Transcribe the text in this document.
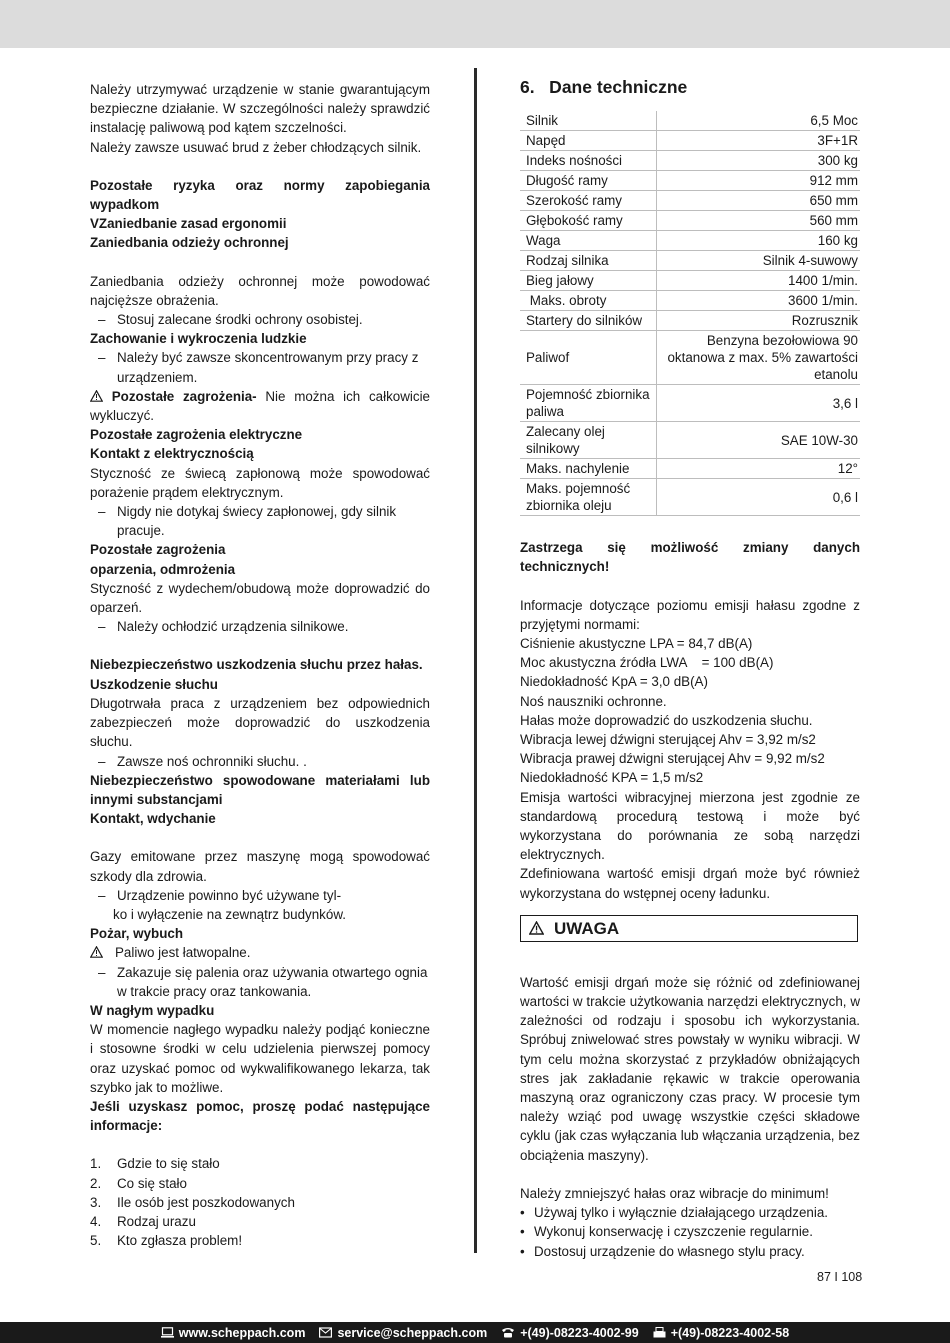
Należy utrzymywać urządzenie w stanie gwarantującym bezpieczne działanie. W szczególności należy sprawdzić instalację paliwową pod kątem szczelności.

Należy zawsze usuwać brud z żeber chłodzących silnik.

Pozostałe ryzyka oraz normy zapobiegania wypadkom

VZaniedbanie zasad ergonomii

Zaniedbania odzieży ochronnej

Zaniedbania odzieży ochronnej może powodować najcięższe obrażenia.

– Stosuj zalecane środki ochrony osobistej.

Zachowanie i wykroczenia ludzkie

– Należy być zawsze skoncentrowanym przy pracy z urządzeniem.

Pozostałe zagrożenia- Nie można ich całkowicie wykluczyć.

Pozostałe zagrożenia elektryczne

Kontakt z elektrycznością

Styczność ze świecą zapłonową może spowodować porażenie prądem elektrycznym.

– Nigdy nie dotykaj świecy zapłonowej, gdy silnik pracuje.

Pozostałe zagrożenia

oparzenia, odmrożenia

Styczność z wydechem/obudową może doprowadzić do oparzeń.

– Należy ochłodzić urządzenia silnikowe.

Niebezpieczeństwo uszkodzenia słuchu przez hałas.

Uszkodzenie słuchu

Długotrwała praca z urządzeniem bez odpowiednich zabezpieczeń może doprowadzić do uszkodzenia słuchu.

– Zawsze noś ochronniki słuchu. .

Niebezpieczeństwo spowodowane materiałami lub innymi substancjami

Kontakt, wdychanie

Gazy emitowane przez maszynę mogą spowodować szkody dla zdrowia.

– Urządzenie powinno być używane tyl-

ko i wyłączenie na zewnątrz budynków.

Pożar, wybuch

Paliwo jest łatwopalne.

– Zakazuje się palenia oraz używania otwartego ognia w trakcie pracy oraz tankowania.

W nagłym wypadku

W momencie nagłego wypadku należy podjąć konieczne i stosowne środki w celu udzielenia pierwszej pomocy oraz uzyskać pomoc od wykwalifikowanego lekarza, tak szybko jak to możliwe.

Jeśli uzyskasz pomoc, proszę podać następujące informacje:

1.	Gdzie to się stało
2.	Co się stało
3.	Ile osób jest poszkodowanych
4.	Rodzaj urazu
5.	Kto zgłasza problem!

6.   Dane techniczne

Silnik	6,5 Moc
Napęd	3F+1R
Indeks nośności	300 kg
Długość ramy	912 mm
Szerokość ramy	650 mm
Głębokość ramy	560 mm
Waga	160 kg
Rodzaj silnika	Silnik 4-suwowy
Bieg jałowy	1400 1/min.
Maks. obroty	3600 1/min.
Startery do silników	Rozrusznik
Paliwof	Benzyna bezołowiowa 90 oktanowa z max. 5% zawartości etanolu
Pojemność zbiornika paliwa	3,6 l
Zalecany olej silnikowy	SAE 10W-30
Maks. nachylenie	12°
Maks. pojemność zbiornika oleju	0,6 l

Zastrzega się możliwość zmiany danych technicznych!

Informacje dotyczące poziomu emisji hałasu zgodne z przyjętymi normami:

Ciśnienie akustyczne LPA = 84,7 dB(A)

Moc akustyczna źródła LWA    = 100 dB(A)

Niedokładność KpA = 3,0 dB(A)

Noś nauszniki ochronne.

Hałas może doprowadzić do uszkodzenia słuchu.

Wibracja lewej dźwigni sterującej Ahv = 3,92 m/s2

Wibracja prawej dźwigni sterującej Ahv = 9,92 m/s2

Niedokładność KPA = 1,5 m/s2

Emisja wartości wibracyjnej mierzona jest zgodnie ze standardową procedurą testową i może być wykorzystana do porównania ze sobą narzędzi elektrycznych.

Zdefiniowana wartość emisji drgań może być również wykorzystana do wstępnej oceny ładunku.

UWAGA

Wartość emisji drgań może się różnić od zdefiniowanej wartości w trakcie użytkowania narzędzi elektrycznych, w zależności od rodzaju i sposobu ich wykorzystania. Spróbuj zniwelować stres powstały w wyniku wibracji. W tym celu można skorzystać z przykładów obniżających stres jak zakładanie rękawic w trakcie operowania maszyną oraz ograniczony czas pracy. W procesie tym należy wziąć pod uwagę wszystkie części składowe cyklu (jak czas wyłączania lub włączania urządzenia, bez obciążenia maszyny).

Należy zmniejszyć hałas oraz wibracje do minimum!

• Używaj tylko i wyłącznie działającego urządzenia.

• Wykonuj konserwację i czyszczenie regularnie.

• Dostosuj urządzenie do własnego stylu pracy.

87 I 108
www.scheppach.com	service@scheppach.com	+(49)-08223-4002-99	+(49)-08223-4002-58
